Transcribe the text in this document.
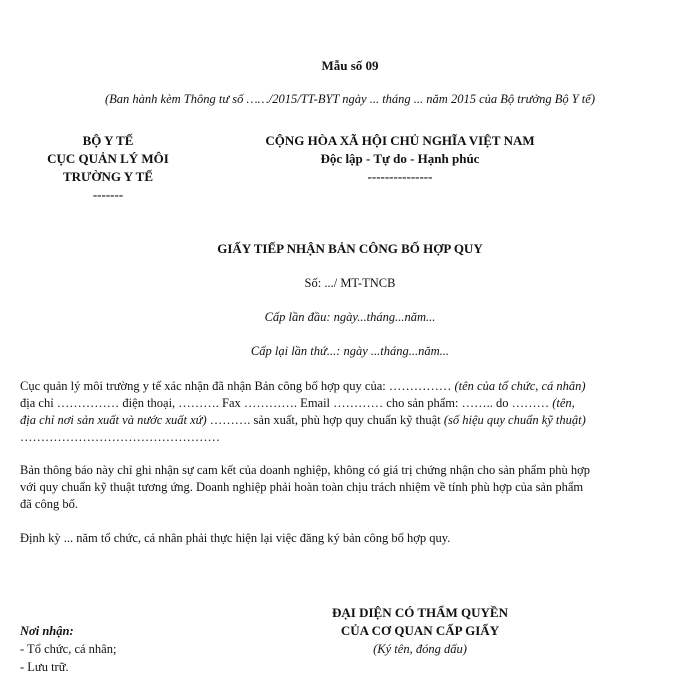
Mẫu số 09
(Ban hành kèm Thông tư số ……/2015/TT-BYT ngày ... tháng ... năm 2015 của Bộ trưởng Bộ Y tế)
BỘ Y TẾ
CỤC QUẢN LÝ MÔI
TRƯỜNG Y TẾ
-------
CỘNG HÒA XÃ HỘI CHỦ NGHĨA VIỆT NAM
Độc lập - Tự do - Hạnh phúc
---------------
GIẤY TIẾP NHẬN BẢN CÔNG BỐ HỢP QUY
Số: .../ MT-TNCB
Cấp lần đầu: ngày...tháng...năm...
Cấp lại lần thứ...: ngày ...tháng...năm...
Cục quản lý môi trường y tế xác nhận đã nhận Bản công bố hợp quy của: …………… (tên của tổ chức, cá nhân)
địa chỉ …………… điện thoại, ………. Fax …………. Email ………… cho sản phẩm: …….. do ……… (tên,
địa chỉ nơi sản xuất và nước xuất xứ) ………. sản xuất, phù hợp quy chuẩn kỹ thuật (số hiệu quy chuẩn kỹ thuật)
…………………………………………
Bản thông báo này chỉ ghi nhận sự cam kết của doanh nghiệp, không có giá trị chứng nhận cho sản phẩm phù hợp
với quy chuẩn kỹ thuật tương ứng. Doanh nghiệp phải hoàn toàn chịu trách nhiệm về tính phù hợp của sản phẩm
đã công bố.
Định kỳ ... năm tổ chức, cá nhân phải thực hiện lại việc đăng ký bản công bố hợp quy.
Nơi nhận:
- Tổ chức, cá nhân;
- Lưu trữ.
ĐẠI DIỆN CÓ THẨM QUYỀN
CỦA CƠ QUAN CẤP GIẤY
(Ký tên, đóng dấu)
